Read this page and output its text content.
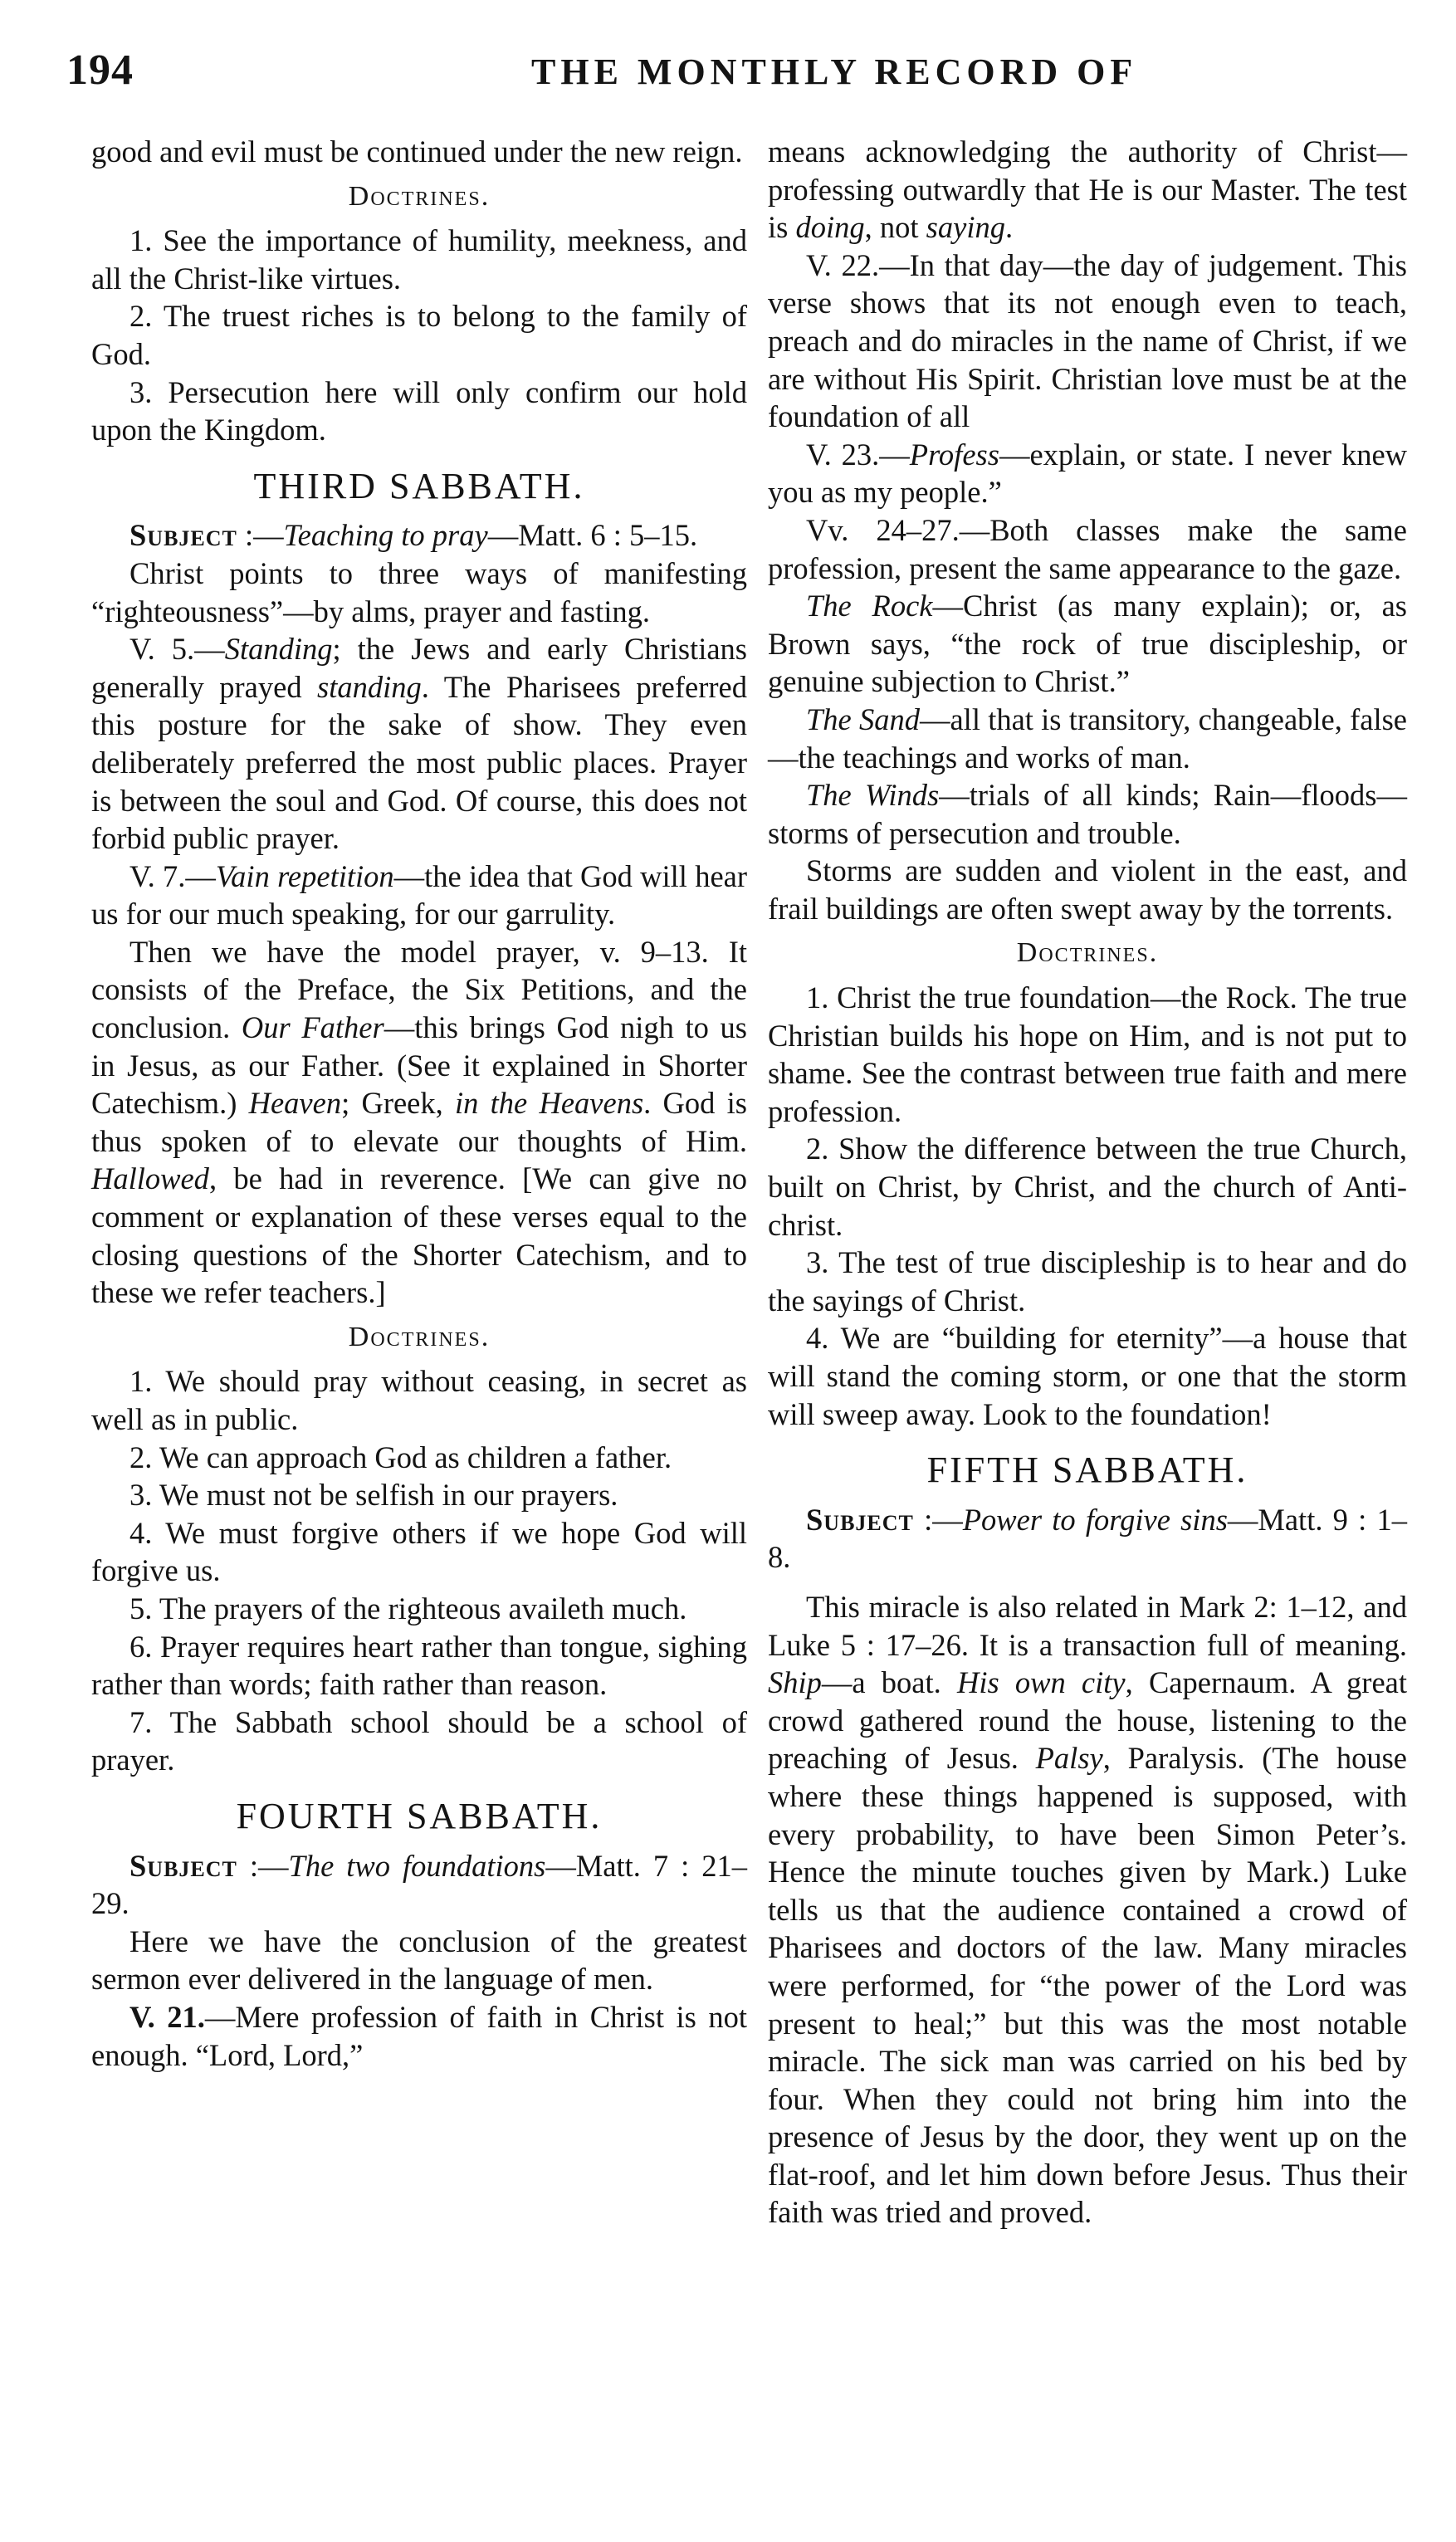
194	THE MONTHLY RECORD OF

good and evil must be continued under the new reign.

Doctrines.

1. See the importance of humility, meekness, and all the Christ-like virtues.

2. The truest riches is to belong to the family of God.

3. Persecution here will only confirm our hold upon the Kingdom.

THIRD SABBATH.

Subject :—Teaching to pray—Matt. 6 : 5–15.

Christ points to three ways of manifesting “righteousness”—by alms, prayer and fasting.

V. 5.—Standing; the Jews and early Christians generally prayed standing. The Pharisees preferred this posture for the sake of show. They even deliberately preferred the most public places. Prayer is between the soul and God. Of course, this does not forbid public prayer.

V. 7.—Vain repetition—the idea that God will hear us for our much speaking, for our garrulity.

Then we have the model prayer, v. 9–13. It consists of the Preface, the Six Petitions, and the conclusion. Our Father—this brings God nigh to us in Jesus, as our Father. (See it explained in Shorter Catechism.) Heaven; Greek, in the Heavens. God is thus spoken of to elevate our thoughts of Him. Hallowed, be had in reverence. [We can give no comment or explanation of these verses equal to the closing questions of the Shorter Catechism, and to these we refer teachers.]

Doctrines.

1. We should pray without ceasing, in secret as well as in public.

2. We can approach God as children a father.

3. We must not be selfish in our prayers.

4. We must forgive others if we hope God will forgive us.

5. The prayers of the righteous availeth much.

6. Prayer requires heart rather than tongue, sighing rather than words; faith rather than reason.

7. The Sabbath school should be a school of prayer.

FOURTH SABBATH.

Subject :—The two foundations—Matt. 7 : 21–29.

Here we have the conclusion of the greatest sermon ever delivered in the language of men.

V. 21.—Mere profession of faith in Christ is not enough. “Lord, Lord,”

means acknowledging the authority of Christ—professing outwardly that He is our Master. The test is doing, not saying.

V. 22.—In that day—the day of judgement. This verse shows that its not enough even to teach, preach and do miracles in the name of Christ, if we are without His Spirit. Christian love must be at the foundation of all

V. 23.—Profess—explain, or state. I never knew you as my people.”

Vv. 24–27.—Both classes make the same profession, present the same appearance to the gaze.

The Rock—Christ (as many explain); or, as Brown says, “the rock of true discipleship, or genuine subjection to Christ.”

The Sand—all that is transitory, changeable, false—the teachings and works of man.

The Winds—trials of all kinds; Rain—floods—storms of persecution and trouble.

Storms are sudden and violent in the east, and frail buildings are often swept away by the torrents.

Doctrines.

1. Christ the true foundation—the Rock. The true Christian builds his hope on Him, and is not put to shame. See the contrast between true faith and mere profession.

2. Show the difference between the true Church, built on Christ, by Christ, and the church of Anti-christ.

3. The test of true discipleship is to hear and do the sayings of Christ.

4. We are “building for eternity”—a house that will stand the coming storm, or one that the storm will sweep away. Look to the foundation!

FIFTH SABBATH.

Subject :—Power to forgive sins—Matt. 9 : 1–8.

This miracle is also related in Mark 2: 1–12, and Luke 5 : 17–26. It is a transaction full of meaning. Ship—a boat. His own city, Capernaum. A great crowd gathered round the house, listening to the preaching of Jesus. Palsy, Paralysis. (The house where these things happened is supposed, with every probability, to have been Simon Peter’s. Hence the minute touches given by Mark.) Luke tells us that the audience contained a crowd of Pharisees and doctors of the law. Many miracles were performed, for “the power of the Lord was present to heal;” but this was the most notable miracle. The sick man was carried on his bed by four. When they could not bring him into the presence of Jesus by the door, they went up on the flat-roof, and let him down before Jesus. Thus their faith was tried and proved.
